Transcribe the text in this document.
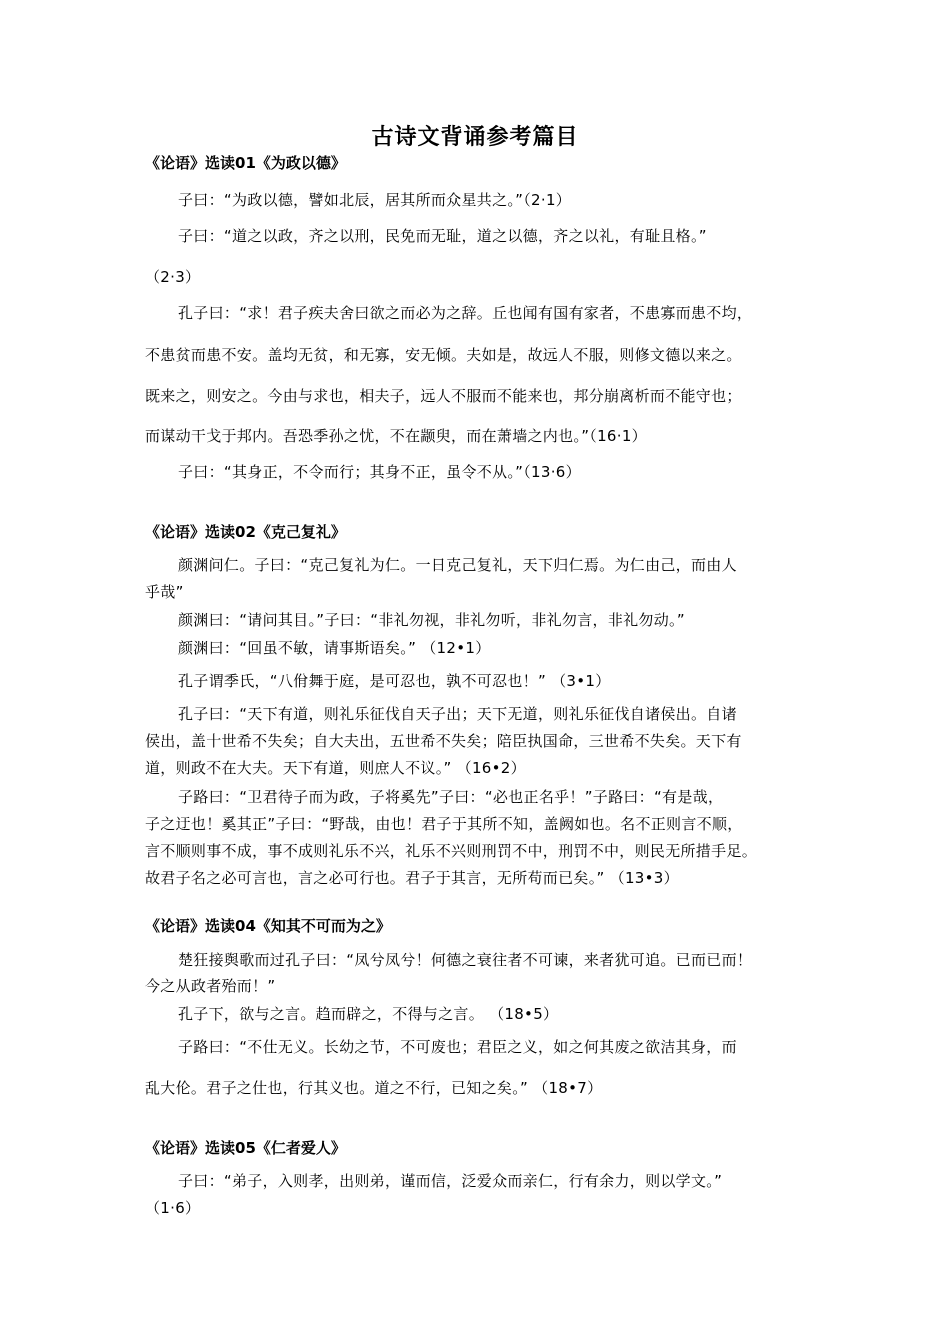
古诗文背诵参考篇目

《论语》选读01《为政以德》

子曰：“为政以德，譬如北辰，居其所而众星共之。”（2·1）

子曰：“道之以政，齐之以刑，民免而无耻，道之以德，齐之以礼，有耻且格。”

（2·3）

孔子曰：“求！君子疾夫舍曰欲之而必为之辞。丘也闻有国有家者，不患寡而患不均，

不患贫而患不安。盖均无贫，和无寡，安无倾。夫如是，故远人不服，则修文德以来之。

既来之，则安之。今由与求也，相夫子，远人不服而不能来也，邦分崩离析而不能守也；

而谋动干戈于邦内。吾恐季孙之忧，不在颛臾，而在萧墙之内也。”（16·1）

子曰：“其身正，不令而行；其身不正，虽令不从。”（13·6）

《论语》选读02《克己复礼》

颜渊问仁。子曰：“克己复礼为仁。一日克己复礼，天下归仁焉。为仁由己，而由人

乎哉”

颜渊曰：“请问其目。”子曰：“非礼勿视，非礼勿听，非礼勿言，非礼勿动。”

颜渊曰：“回虽不敏，请事斯语矣。” （12•1）

孔子谓季氏，“八佾舞于庭，是可忍也，孰不可忍也！” （3•1）

孔子曰：“天下有道，则礼乐征伐自天子出；天下无道，则礼乐征伐自诸侯出。自诸

侯出，盖十世希不失矣；自大夫出，五世希不失矣；陪臣执国命，三世希不失矣。天下有

道，则政不在大夫。天下有道，则庶人不议。” （16•2）

子路曰：“卫君待子而为政，子将奚先”子曰：“必也正名乎！”子路曰：“有是哉，

子之迂也！奚其正”子曰：“野哉，由也！君子于其所不知，盖阙如也。名不正则言不顺，

言不顺则事不成，事不成则礼乐不兴，礼乐不兴则刑罚不中，刑罚不中，则民无所措手足。

故君子名之必可言也，言之必可行也。君子于其言，无所苟而已矣。” （13•3）

《论语》选读04《知其不可而为之》

楚狂接舆歌而过孔子曰：“凤兮凤兮！何德之衰往者不可谏，来者犹可追。已而已而！

今之从政者殆而！”

孔子下，欲与之言。趋而辟之，不得与之言。 （18•5）

子路曰：“不仕无义。长幼之节，不可废也；君臣之义，如之何其废之欲洁其身，而

乱大伦。君子之仕也，行其义也。道之不行，已知之矣。” （18•7）

《论语》选读05《仁者爱人》

子曰：“弟子，入则孝，出则弟，谨而信，泛爱众而亲仁，行有余力，则以学文。”

（1·6）
